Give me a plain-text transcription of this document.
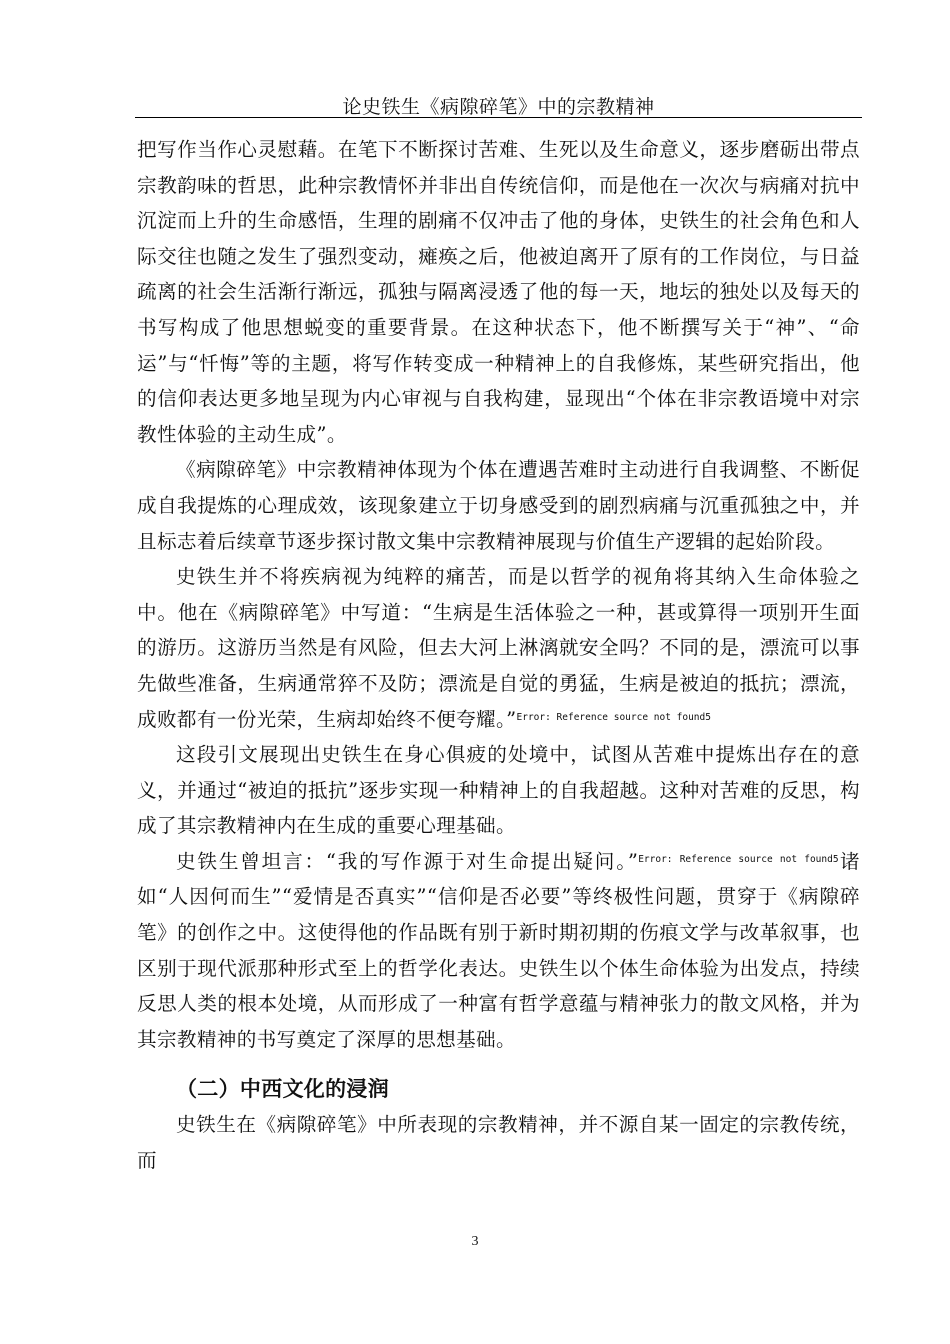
论史铁生《病隙碎笔》中的宗教精神

把写作当作心灵慰藉。在笔下不断探讨苦难、生死以及生命意义，逐步磨砺出带点宗教韵味的哲思，此种宗教情怀并非出自传统信仰，而是他在一次次与病痛对抗中沉淀而上升的生命感悟，生理的剧痛不仅冲击了他的身体，史铁生的社会角色和人际交往也随之发生了强烈变动，瘫痪之后，他被迫离开了原有的工作岗位，与日益疏离的社会生活渐行渐远，孤独与隔离浸透了他的每一天，地坛的独处以及每天的书写构成了他思想蜕变的重要背景。在这种状态下，他不断撰写关于“神”、“命运”与“忏悔”等的主题，将写作转变成一种精神上的自我修炼，某些研究指出，他的信仰表达更多地呈现为内心审视与自我构建，显现出“个体在非宗教语境中对宗教性体验的主动生成”。

《病隙碎笔》中宗教精神体现为个体在遭遇苦难时主动进行自我调整、不断促成自我提炼的心理成效，该现象建立于切身感受到的剧烈病痛与沉重孤独之中，并且标志着后续章节逐步探讨散文集中宗教精神展现与价值生产逻辑的起始阶段。

史铁生并不将疾病视为纯粹的痛苦，而是以哲学的视角将其纳入生命体验之中。他在《病隙碎笔》中写道：“生病是生活体验之一种，甚或算得一项别开生面的游历。这游历当然是有风险，但去大河上淋漓就安全吗？不同的是，漂流可以事先做些准备，生病通常猝不及防；漂流是自觉的勇猛，生病是被迫的抵抗；漂流，成败都有一份光荣，生病却始终不便夸耀。”$^{Error: Reference source not found5}$

这段引文展现出史铁生在身心俱疲的处境中，试图从苦难中提炼出存在的意义，并通过“被迫的抵抗”逐步实现一种精神上的自我超越。这种对苦难的反思，构成了其宗教精神内在生成的重要心理基础。

史铁生曾坦言：“我的写作源于对生命提出疑问。”$^{Error: Reference source not found5}$诸如“人因何而生”“爱情是否真实”“信仰是否必要”等终极性问题，贯穿于《病隙碎笔》的创作之中。这使得他的作品既有别于新时期初期的伤痕文学与改革叙事，也区别于现代派那种形式至上的哲学化表达。史铁生以个体生命体验为出发点，持续反思人类的根本处境，从而形成了一种富有哲学意蕴与精神张力的散文风格，并为其宗教精神的书写奠定了深厚的思想基础。

（二）中西文化的浸润

史铁生在《病隙碎笔》中所表现的宗教精神，并不源自某一固定的宗教传统，而

3
